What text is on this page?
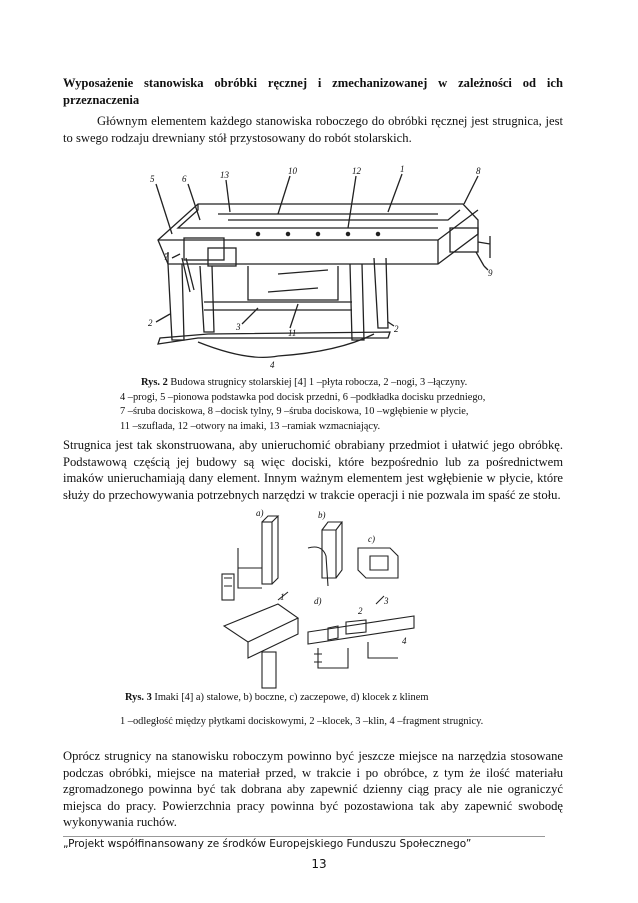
Wyposażenie stanowiska obróbki ręcznej i zmechanizowanej w zależności od ich przeznaczenia
Głównym elementem każdego stanowiska roboczego do obróbki ręcznej jest strugnica, jest to swego rodzaju drewniany stół przystosowany do robót stolarskich.
5	6	13	10	12	1	8
7
9
2	3
11	2
4
Rys. 2 Budowa strugnicy stolarskiej [4] 1 –płyta robocza, 2 –nogi, 3 –łączyny.
4 –progi, 5 –pionowa podstawka pod docisk przedni, 6 –podkładka docisku przedniego,
7 –śruba dociskowa, 8 –docisk tylny, 9 –śruba dociskowa, 10 –wgłębienie w płycie,
11 –szuflada, 12 –otwory na imaki, 13 –ramiak wzmacniający.
Strugnica jest tak skonstruowana, aby unieruchomić obrabiany przedmiot i ułatwić jego obróbkę. Podstawową częścią jej budowy są więc dociski, które bezpośrednio lub za pośrednictwem imaków unieruchamiają dany element. Innym ważnym elementem jest wgłębienie w płycie, które służy do przechowywania potrzebnych narzędzi w trakcie operacji i nie pozwala im spaść ze stołu.
a)	b)
c)
d)
1
2
3
4
Rys. 3 Imaki [4] a) stalowe, b) boczne, c) zaczepowe, d) klocek z klinem
1 –odległość między płytkami dociskowymi, 2 –klocek, 3 –klin, 4 –fragment strugnicy.
Oprócz strugnicy na stanowisku roboczym powinno być jeszcze miejsce na narzędzia stosowane podczas obróbki, miejsce na materiał przed, w trakcie i po obróbce, z tym że ilość materiału zgromadzonego powinna być tak dobrana aby zapewnić dzienny ciąg pracy ale nie ograniczyć miejsca do pracy. Powierzchnia pracy powinna być pozostawiona tak aby zapewnić swobodę wykonywania ruchów.
„Projekt współfinansowany ze środków Europejskiego Funduszu Społecznego”
13
